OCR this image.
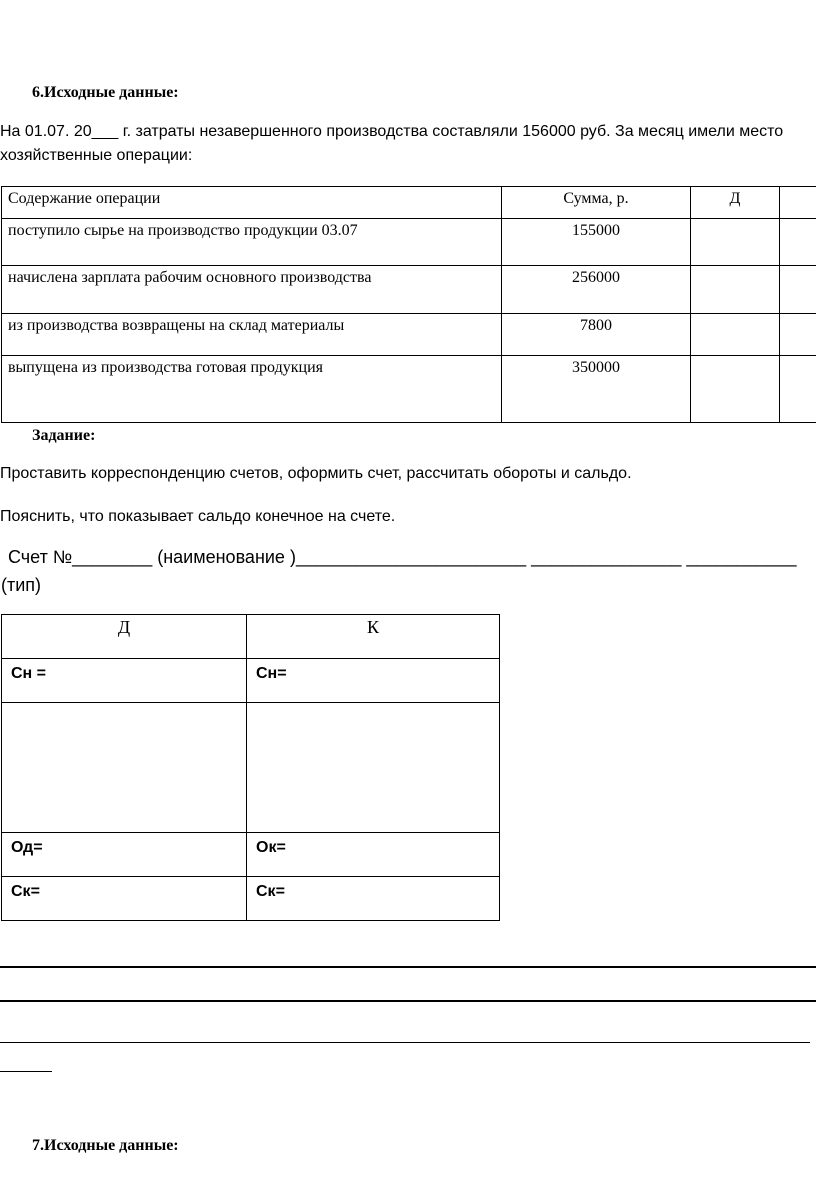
6.Исходные данные:
На 01.07. 20___ г. затраты незавершенного производства составляли 156000 руб. За месяц имели место
хозяйственные операции:
Содержание операции	Сумма, р.	Д	
поступило сырье на производство продукции 03.07	155000		
начислена зарплата рабочим основного производства	256000		
из производства возвращены на склад материалы	7800		
выпущена из производства готовая продукция	350000		
Задание:
Проставить корреспонденцию счетов, оформить счет, рассчитать обороты и сальдо.
Пояснить, что показывает сальдо конечное на счете.
Счет №________ (наименование )_______________________ _______________ ___________
(тип)
Д	К
Сн =	Сн=

Од=	Ок=
Ск=	Ск=
7.Исходные данные:
